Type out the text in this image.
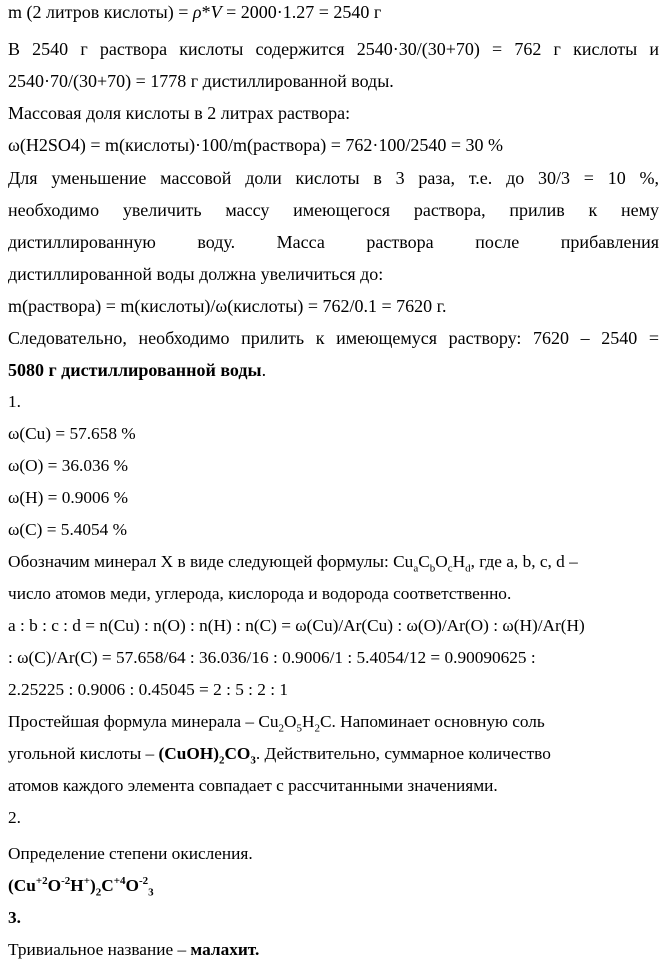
m (2 литров кислоты) = ρ*V = 2000·1.27 = 2540 г
В 2540 г раствора кислоты содержится 2540·30/(30+70) = 762 г кислоты и
2540·70/(30+70) = 1778 г дистиллированной воды.
Массовая доля кислоты в 2 литрах раствора:
ω(H2SO4) = m(кислоты)·100/m(раствора) = 762·100/2540 = 30 %
Для уменьшение массовой доли кислоты в 3 раза, т.е. до 30/3 = 10 %,
необходимо увеличить массу имеющегося раствора, прилив к нему
дистиллированную воду. Масса раствора после прибавления
дистиллированной воды должна увеличиться до:
m(раствора) = m(кислоты)/ω(кислоты) = 762/0.1 = 7620 г.
Следовательно, необходимо прилить к имеющемуся раствору: 7620 – 2540 =
5080 г дистиллированной воды.
1.
ω(Cu) = 57.658 %
ω(O) = 36.036 %
ω(H) = 0.9006 %
ω(C) = 5.4054 %
Обозначим минерал X в виде следующей формулы: $Cu_aC_bO_cH_d$, где a, b, c, d –
число атомов меди, углерода, кислорода и водорода соответственно.
a : b : c : d = n(Cu) : n(O) : n(H) : n(C) = ω(Cu)/Ar(Cu) : ω(O)/Ar(O) : ω(H)/Ar(H)
: ω(C)/Ar(C) = 57.658/64 : 36.036/16 : 0.9006/1 : 5.4054/12 = 0.90090625 :
2.25225 : 0.9006 : 0.45045 = 2 : 5 : 2 : 1
Простейшая формула минерала – $Cu_2O_5H_2C$. Напоминает основную соль
угольной кислоты – $(CuOH)_2CO_3$. Действительно, суммарное количество
атомов каждого элемента совпадает с рассчитанными значениями.
2.
Определение степени окисления.
$(Cu^{+2}O^{-2}H^+)_2C^{+4}O^{-2}_3$
3.
Тривиальное название – малахит.
